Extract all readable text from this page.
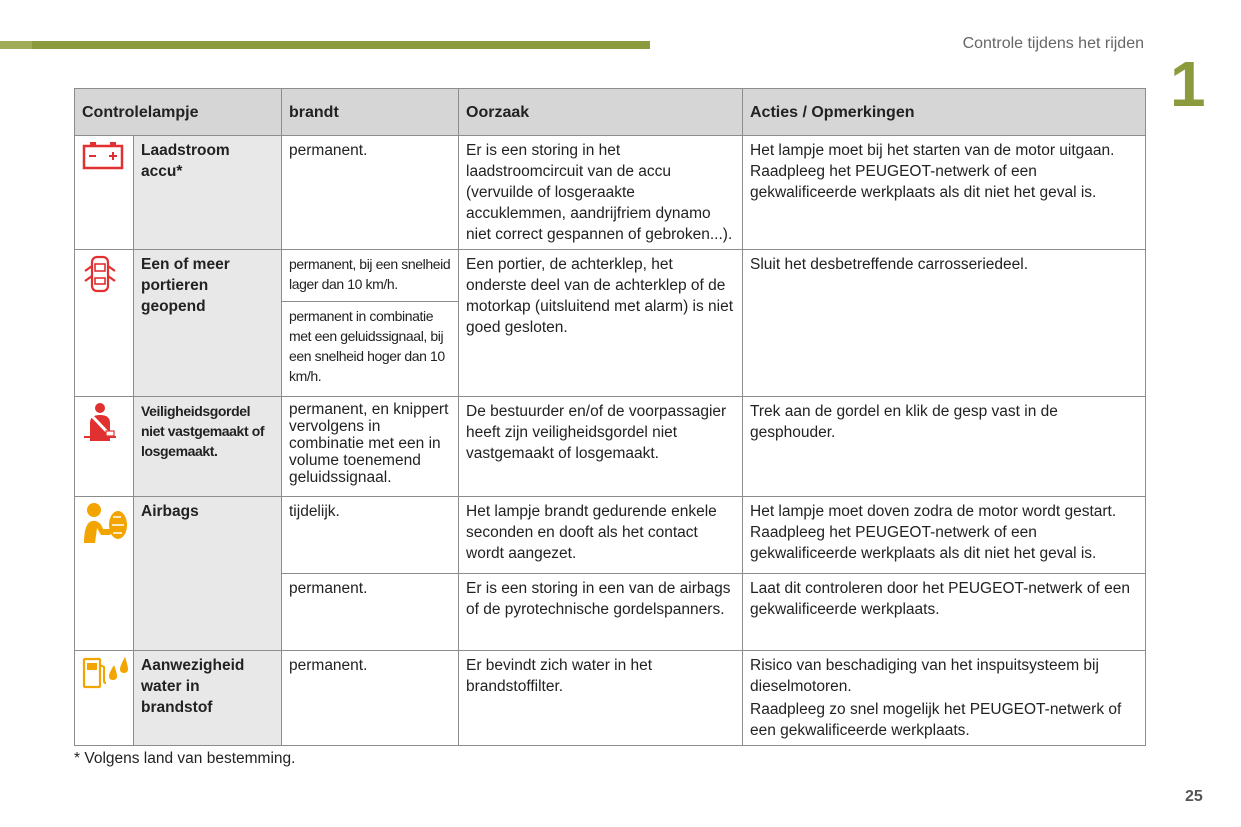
Controle tijdens het rijden
1
Controlelampje		brandt	Oorzaak	Acties / Opmerkingen

	Laadstroom accu*	permanent.	Er is een storing in het laadstroomcircuit van de accu (vervuilde of losgeraakte accuklemmen, aandrijfriem dynamo niet correct gespannen of gebroken...).	Het lampje moet bij het starten van de motor uitgaan. Raadpleeg het PEUGEOT-netwerk of een gekwalificeerde werkplaats als dit niet het geval is.

	Een of meer portieren geopend	permanent, bij een snelheid lager dan 10 km/h.	Een portier, de achterklep, het onderste deel van de achterklep of de motorkap (uitsluitend met alarm) is niet goed gesloten.	Sluit het desbetreffende carrosseriedeel.
		permanent in combinatie met een geluidssignaal, bij een snelheid hoger dan 10 km/h.		

	Veiligheidsgordel niet vastgemaakt of losgemaakt.	permanent, en knippert vervolgens in combinatie met een in volume toenemend geluidssignaal.	De bestuurder en/of de voorpassagier heeft zijn veiligheidsgordel niet vastgemaakt of losgemaakt.	Trek aan de gordel en klik de gesp vast in de gesphouder.

	Airbags	tijdelijk.	Het lampje brandt gedurende enkele seconden en dooft als het contact wordt aangezet.	Het lampje moet doven zodra de motor wordt gestart. Raadpleeg het PEUGEOT-netwerk of een gekwalificeerde werkplaats als dit niet het geval is.
		permanent.	Er is een storing in een van de airbags of de pyrotechnische gordelspanners.	Laat dit controleren door het PEUGEOT-netwerk of een gekwalificeerde werkplaats.

	Aanwezigheid water in brandstof	permanent.	Er bevindt zich water in het brandstoffilter.	Risico van beschadiging van het inspuitsysteem bij dieselmotoren.
Raadpleeg zo snel mogelijk het PEUGEOT-netwerk of een gekwalificeerde werkplaats.
* Volgens land van bestemming.
25
